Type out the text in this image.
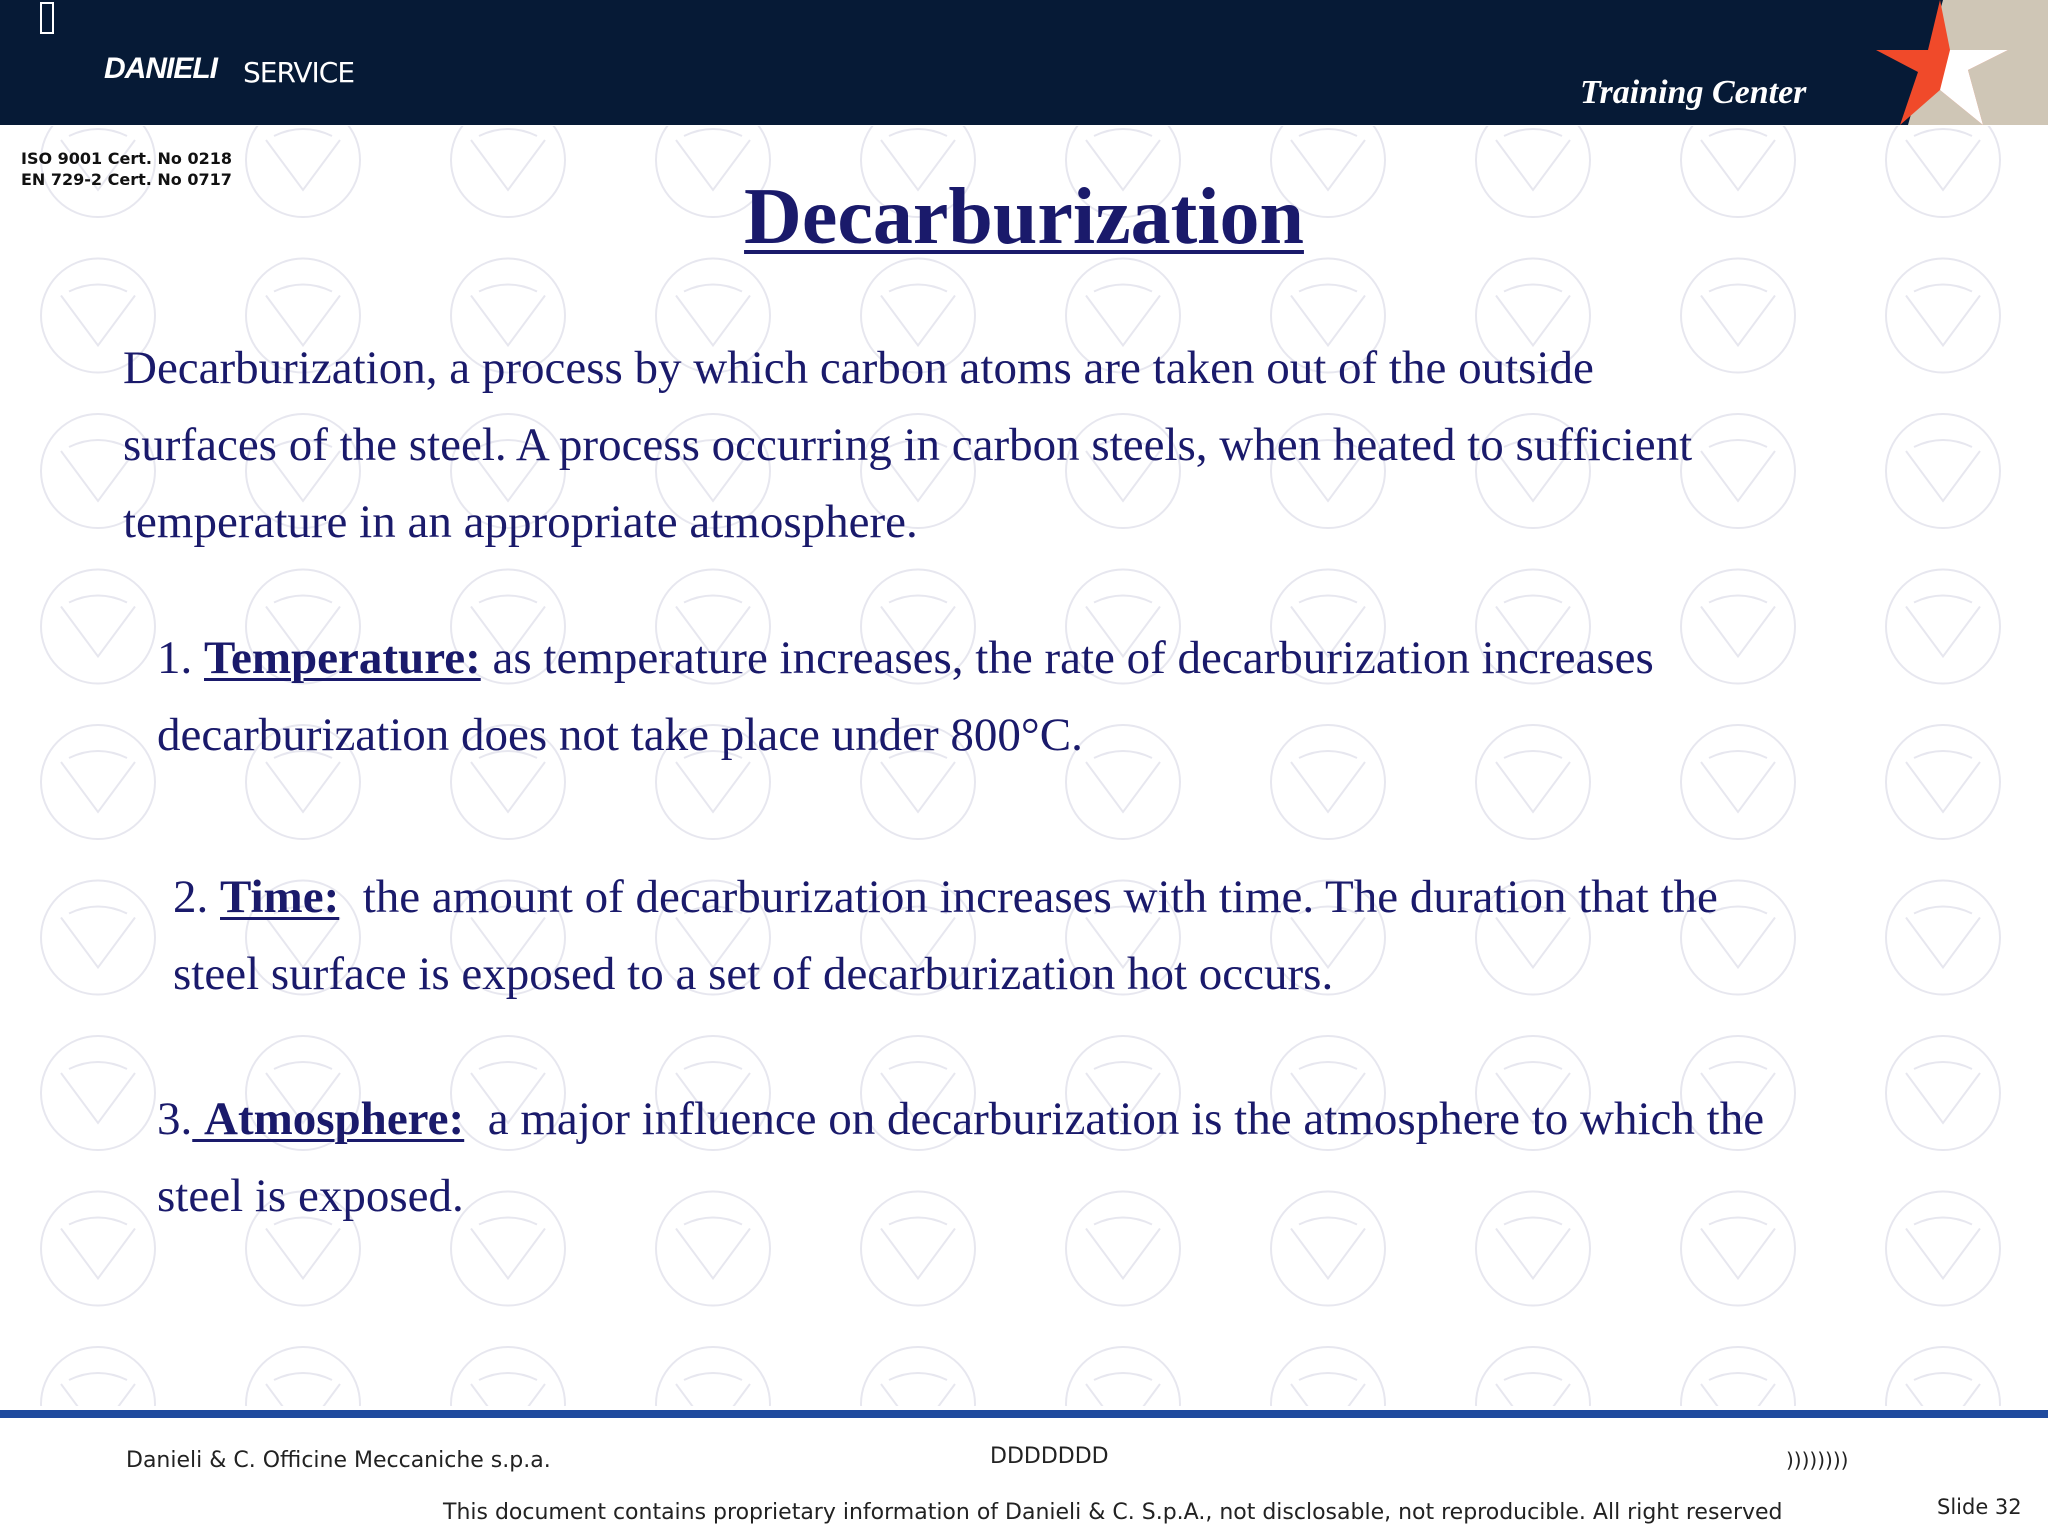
DANIELI SERVICE
Training Center
ISO 9001 Cert. No 0218
EN 729-2 Cert. No 0717	Decarburization
Decarburization, a process by which carbon atoms are taken out of the outside
surfaces of the steel. A process occurring in carbon steels, when heated to sufficient
temperature in an appropriate atmosphere.
1. Temperature: as temperature increases, the rate of decarburization increases
decarburization does not take place under 800°C.
2. Time: the amount of decarburization increases with time. The duration that the
steel surface is exposed to a set of decarburization hot occurs.
3. Atmosphere: a major influence on decarburization is the atmosphere to which the
steel is exposed.
Danieli & C. Officine Meccaniche s.p.a.	DDDDDDD	))))))))
This document contains proprietary information of Danieli & C. S.p.A., not disclosable, not reproducible. All right reserved	Slide 32
